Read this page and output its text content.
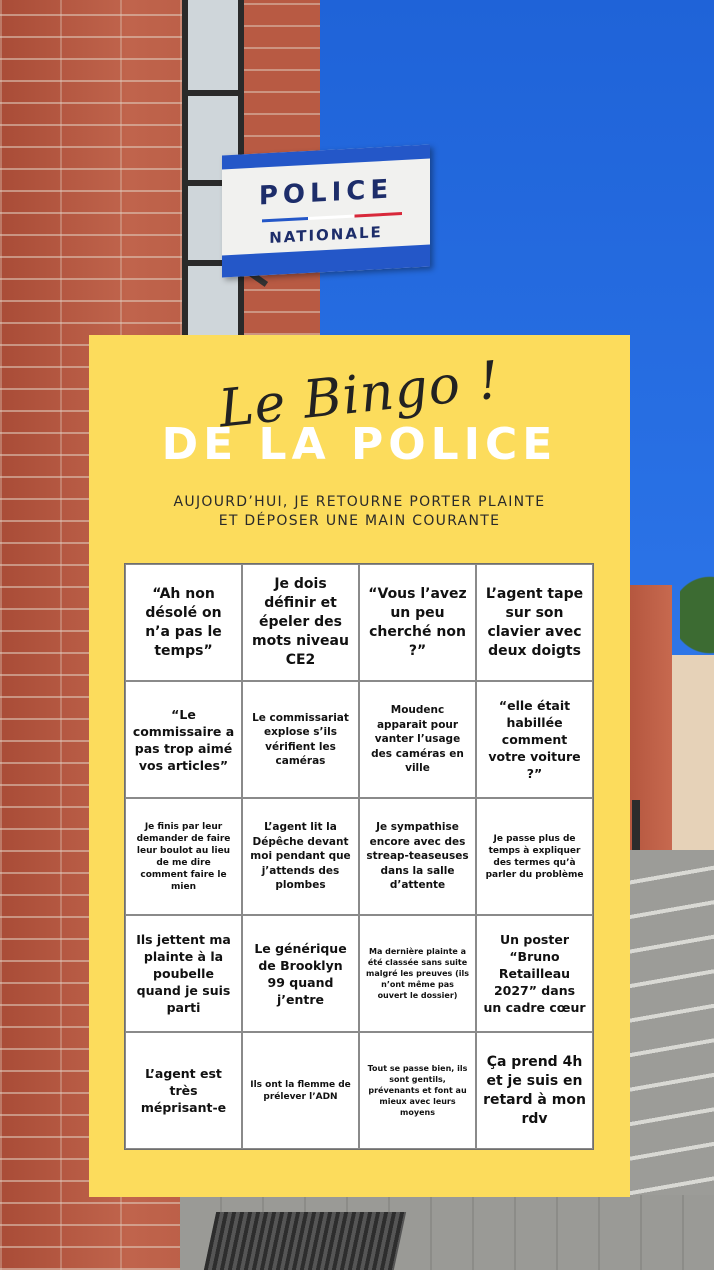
POLICE
NATIONALE
Le Bingo !
DE LA POLICE
AUJOURD’HUI, JE RETOURNE PORTER PLAINTE
ET DÉPOSER UNE MAIN COURANTE
“Ah non désolé on n’a pas le temps”
Je dois définir et épeler des mots niveau CE2
“Vous l’avez un peu cherché non ?”
L’agent tape sur son clavier avec deux doigts
“Le commissaire a pas trop aimé vos articles”
Le commissariat explose s’ils vérifient les caméras
Moudenc apparait pour vanter l’usage des caméras en ville
“elle était habillée comment votre voiture ?”
Je finis par leur demander de faire leur boulot au lieu de me dire comment faire le mien
L’agent lit la Dépêche devant moi pendant que j’attends des plombes
Je sympathise encore avec des streap-teaseuses dans la salle d’attente
Je passe plus de temps à expliquer des termes qu’à parler du problème
Ils jettent ma plainte à la poubelle quand je suis parti
Le générique de Brooklyn 99 quand j’entre
Ma dernière plainte a été classée sans suite malgré les preuves (ils n’ont même pas ouvert le dossier)
Un poster “Bruno Retailleau 2027” dans un cadre cœur
L’agent est très méprisant-e
Ils ont la flemme de prélever l’ADN
Tout se passe bien, ils sont gentils, prévenants et font au mieux avec leurs moyens
Ça prend 4h et je suis en retard à mon rdv
